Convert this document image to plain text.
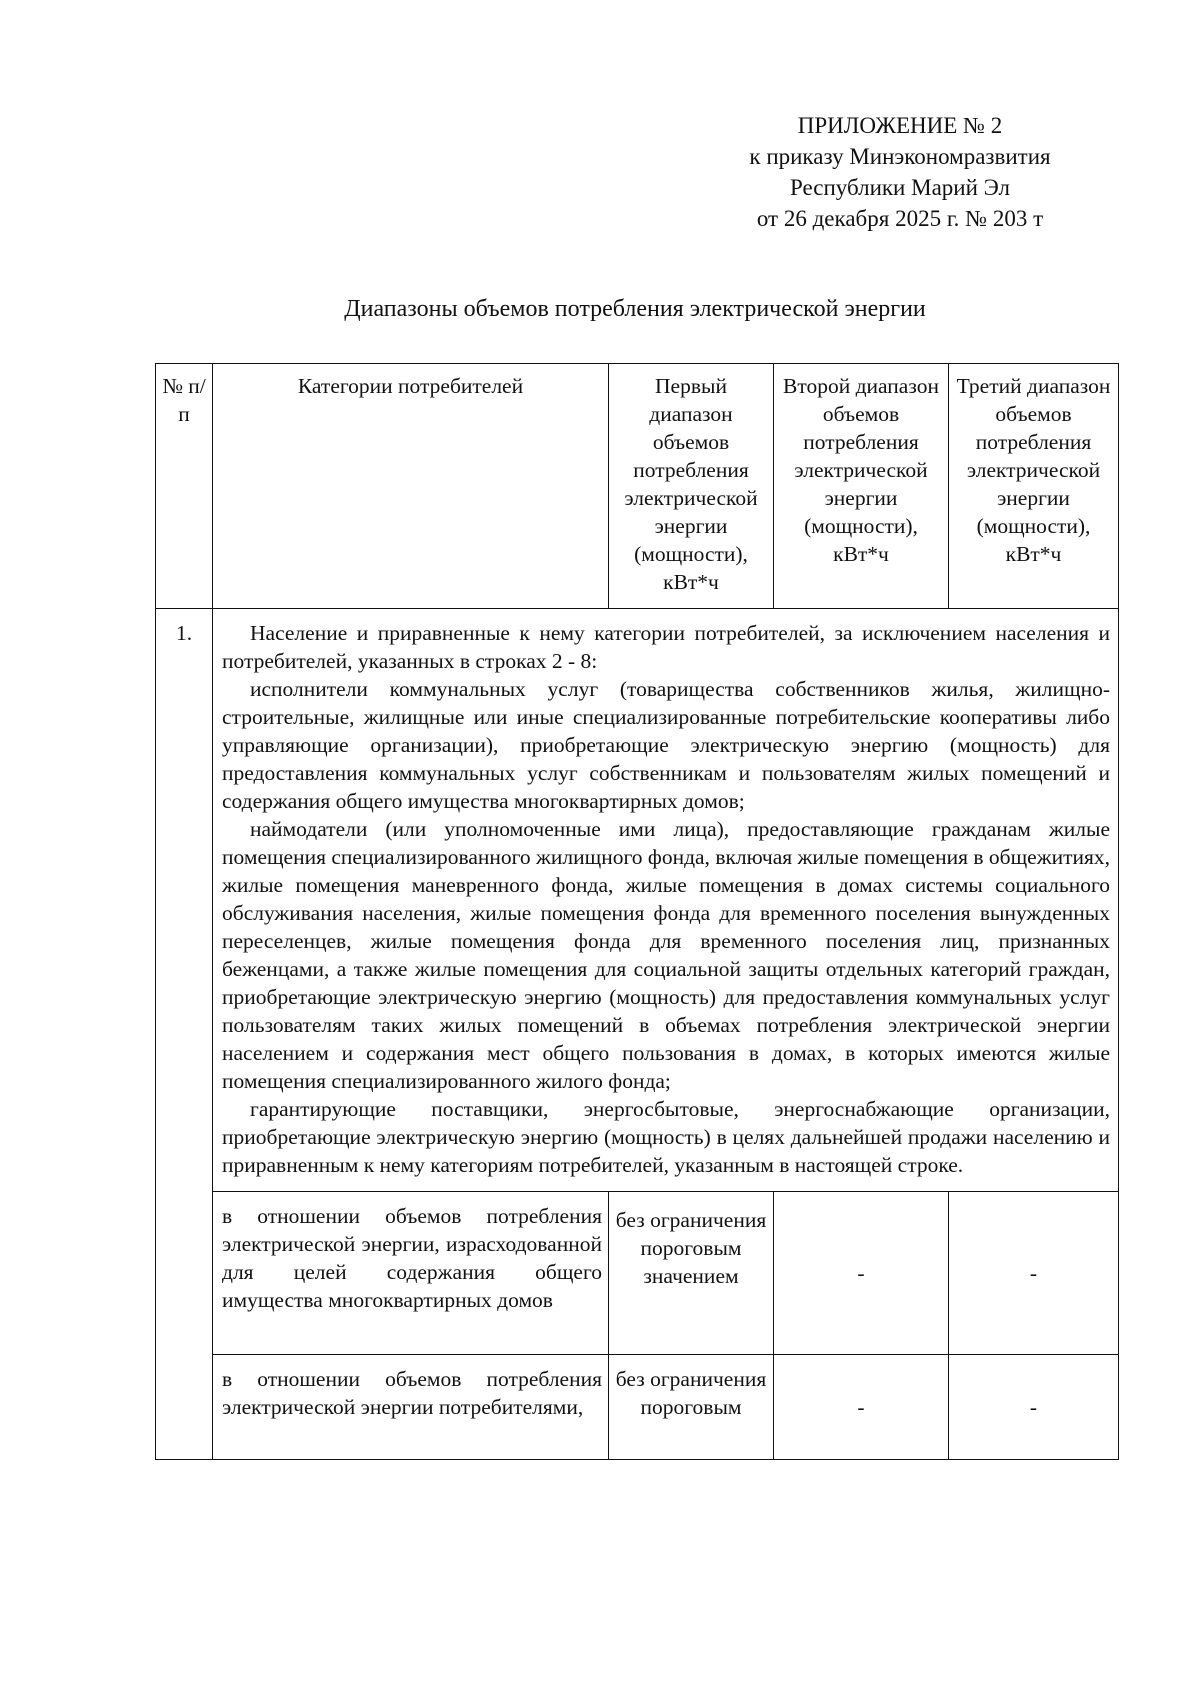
ПРИЛОЖЕНИЕ № 2
к приказу Минэкономразвития
Республики Марий Эл
от 26 декабря 2025 г. № 203 т
Диапазоны объемов потребления электрической энергии
№ п/п	Категории потребителей	Первый диапазон объемов потребления электрической энергии (мощности), кВт*ч	Второй диапазон объемов потребления электрической энергии (мощности), кВт*ч	Третий диапазон объемов потребления электрической энергии (мощности), кВт*ч
1.	Население и приравненные к нему категории потребителей, за исключением населения и потребителей, указанных в строках 2 - 8:

исполнители коммунальных услуг (товарищества собственников жилья, жилищно-строительные, жилищные или иные специализированные потребительские кооперативы либо управляющие организации), приобретающие электрическую энергию (мощность) для предоставления коммунальных услуг собственникам и пользователям жилых помещений и содержания общего имущества многоквартирных домов;

наймодатели (или уполномоченные ими лица), предоставляющие гражданам жилые помещения специализированного жилищного фонда, включая жилые помещения в общежитиях, жилые помещения маневренного фонда, жилые помещения в домах системы социального обслуживания населения, жилые помещения фонда для временного поселения вынужденных переселенцев, жилые помещения фонда для временного поселения лиц, признанных беженцами, а также жилые помещения для социальной защиты отдельных категорий граждан, приобретающие электрическую энергию (мощность) для предоставления коммунальных услуг пользователям таких жилых помещений в объемах потребления электрической энергии населением и содержания мест общего пользования в домах, в которых имеются жилые помещения специализированного жилого фонда;

гарантирующие поставщики, энергосбытовые, энергоснабжающие организации, приобретающие электрическую энергию (мощность) в целях дальнейшей продажи населению и приравненным к нему категориям потребителей, указанным в настоящей строке.			

	в отношении объемов потребления электрической энергии, израсходованной для целей содержания общего имущества многоквартирных домов	без ограничения пороговым значением	-	-
	в отношении объемов потребления электрической энергии потребителями,	без ограничения пороговым	-	-
